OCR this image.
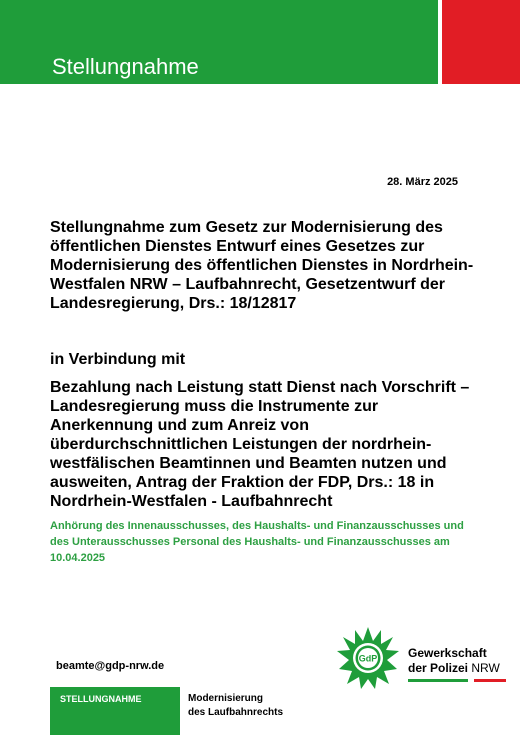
Stellungnahme
28. März 2025

Stellungnahme zum Gesetz zur Modernisierung des öffentlichen Dienstes Entwurf eines Gesetzes zur Modernisierung des öffentlichen Dienstes in Nordrhein-Westfalen NRW – Laufbahnrecht, Gesetzentwurf der Landesregierung, Drs.: 18/12817

in Verbindung mit

Bezahlung nach Leistung statt Dienst nach Vorschrift – Landesregierung muss die Instrumente zur Anerkennung und zum Anreiz von überdurchschnittlichen Leistungen der nordrhein-westfälischen Beamtinnen und Beamten nutzen und ausweiten, Antrag der Fraktion der FDP, Drs.: 18 in Nordrhein-Westfalen - Laufbahnrecht

Anhörung des Innenausschusses, des Haushalts- und Finanzausschusses und des Unterausschusses Personal des Haushalts- und Finanzausschusses am 10.04.2025

beamte@gdp-nrw.de
GdP	Gewerkschaft
der Polizei NRW
STELLUNGNAHME	Modernisierung
des Laufbahnrechts
